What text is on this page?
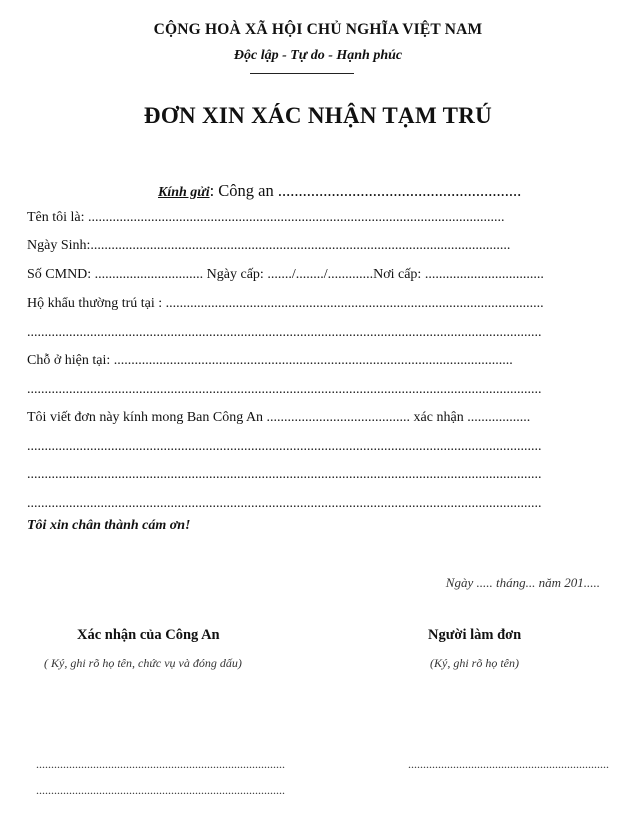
CỘNG HOÀ XÃ HỘI CHỦ NGHĨA VIỆT NAM
Độc lập - Tự do - Hạnh phúc
ĐƠN XIN XÁC NHẬN TẠM TRÚ
Kính gửi: Công an ...........................................................
Tên tôi là: .......................................................................................................................
Ngày Sinh:........................................................................................................................
Số CMND: ............................... Ngày cấp: ......./......../.............Nơi cấp: ..................................
Hộ khẩu thường trú tại : ............................................................................................................
...................................................................................................................................................
Chỗ ở hiện tại: ..................................................................................................................
...................................................................................................................................................
Tôi viết đơn này kính mong Ban Công An ......................................... xác nhận ..................
...................................................................................................................................................
...................................................................................................................................................
...................................................................................................................................................
Tôi xin chân thành cám ơn!
Ngày ..... tháng... năm 201.....
Xác nhận của Công An
( Ký, ghi rõ họ tên, chức vụ và đóng dấu)
...................................................................................
...................................................................................
Người làm đơn
(Ký, ghi rõ họ tên)
...................................................................
